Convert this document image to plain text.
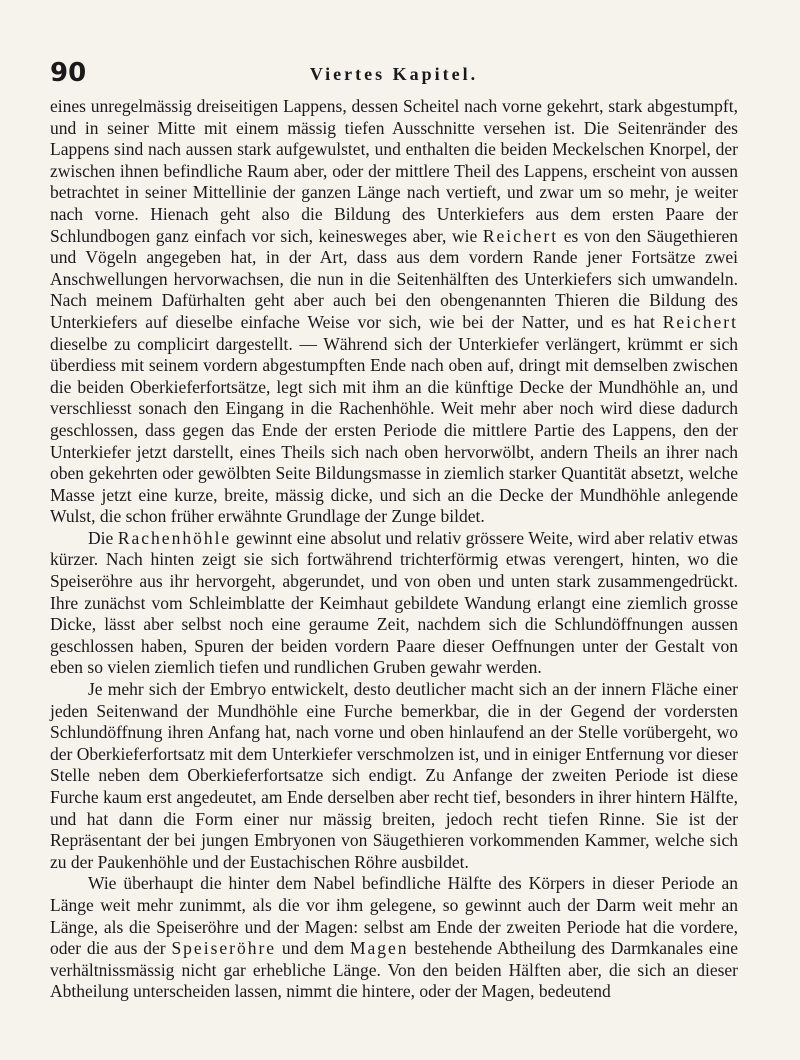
90	Viertes Kapitel.

eines unregelmässig dreiseitigen Lappens, dessen Scheitel nach vorne gekehrt, stark abgestumpft, und in seiner Mitte mit einem mässig tiefen Ausschnitte versehen ist. Die Seitenränder des Lappens sind nach aussen stark aufgewulstet, und enthalten die beiden Meckelschen Knorpel, der zwischen ihnen befindliche Raum aber, oder der mittlere Theil des Lappens, erscheint von aussen betrachtet in seiner Mittellinie der ganzen Länge nach vertieft, und zwar um so mehr, je weiter nach vorne. Hienach geht also die Bildung des Unterkiefers aus dem ersten Paare der Schlundbogen ganz einfach vor sich, keinesweges aber, wie Reichert es von den Säugethieren und Vögeln angegeben hat, in der Art, dass aus dem vordern Rande jener Fortsätze zwei Anschwellungen hervorwachsen, die nun in die Seitenhälften des Unterkiefers sich umwandeln. Nach meinem Dafürhalten geht aber auch bei den obengenannten Thieren die Bildung des Unterkiefers auf dieselbe einfache Weise vor sich, wie bei der Natter, und es hat Reichert dieselbe zu complicirt dargestellt. — Während sich der Unterkiefer verlängert, krümmt er sich überdiess mit seinem vordern abgestumpften Ende nach oben auf, dringt mit demselben zwischen die beiden Oberkieferfortsätze, legt sich mit ihm an die künftige Decke der Mundhöhle an, und verschliesst sonach den Eingang in die Rachenhöhle. Weit mehr aber noch wird diese dadurch geschlossen, dass gegen das Ende der ersten Periode die mittlere Partie des Lappens, den der Unterkiefer jetzt darstellt, eines Theils sich nach oben hervorwölbt, andern Theils an ihrer nach oben gekehrten oder gewölbten Seite Bildungsmasse in ziemlich starker Quantität absetzt, welche Masse jetzt eine kurze, breite, mässig dicke, und sich an die Decke der Mundhöhle anlegende Wulst, die schon früher erwähnte Grundlage der Zunge bildet.

Die Rachenhöhle gewinnt eine absolut und relativ grössere Weite, wird aber relativ etwas kürzer. Nach hinten zeigt sie sich fortwährend trichterförmig etwas verengert, hinten, wo die Speiseröhre aus ihr hervorgeht, abgerundet, und von oben und unten stark zusammengedrückt. Ihre zunächst vom Schleimblatte der Keimhaut gebildete Wandung erlangt eine ziemlich grosse Dicke, lässt aber selbst noch eine geraume Zeit, nachdem sich die Schlundöffnungen aussen geschlossen haben, Spuren der beiden vordern Paare dieser Oeffnungen unter der Gestalt von eben so vielen ziemlich tiefen und rundlichen Gruben gewahr werden.

Je mehr sich der Embryo entwickelt, desto deutlicher macht sich an der innern Fläche einer jeden Seitenwand der Mundhöhle eine Furche bemerkbar, die in der Gegend der vordersten Schlundöffnung ihren Anfang hat, nach vorne und oben hinlaufend an der Stelle vorübergeht, wo der Oberkieferfortsatz mit dem Unterkiefer verschmolzen ist, und in einiger Entfernung vor dieser Stelle neben dem Oberkieferfortsatze sich endigt. Zu Anfange der zweiten Periode ist diese Furche kaum erst angedeutet, am Ende derselben aber recht tief, besonders in ihrer hintern Hälfte, und hat dann die Form einer nur mässig breiten, jedoch recht tiefen Rinne. Sie ist der Repräsentant der bei jungen Embryonen von Säugethieren vorkommenden Kammer, welche sich zu der Paukenhöhle und der Eustachischen Röhre ausbildet.

Wie überhaupt die hinter dem Nabel befindliche Hälfte des Körpers in dieser Periode an Länge weit mehr zunimmt, als die vor ihm gelegene, so gewinnt auch der Darm weit mehr an Länge, als die Speiseröhre und der Magen: selbst am Ende der zweiten Periode hat die vordere, oder die aus der Speiseröhre und dem Magen bestehende Abtheilung des Darmkanales eine verhältnissmässig nicht gar erhebliche Länge. Von den beiden Hälften aber, die sich an dieser Abtheilung unterscheiden lassen, nimmt die hintere, oder der Magen, bedeutend
